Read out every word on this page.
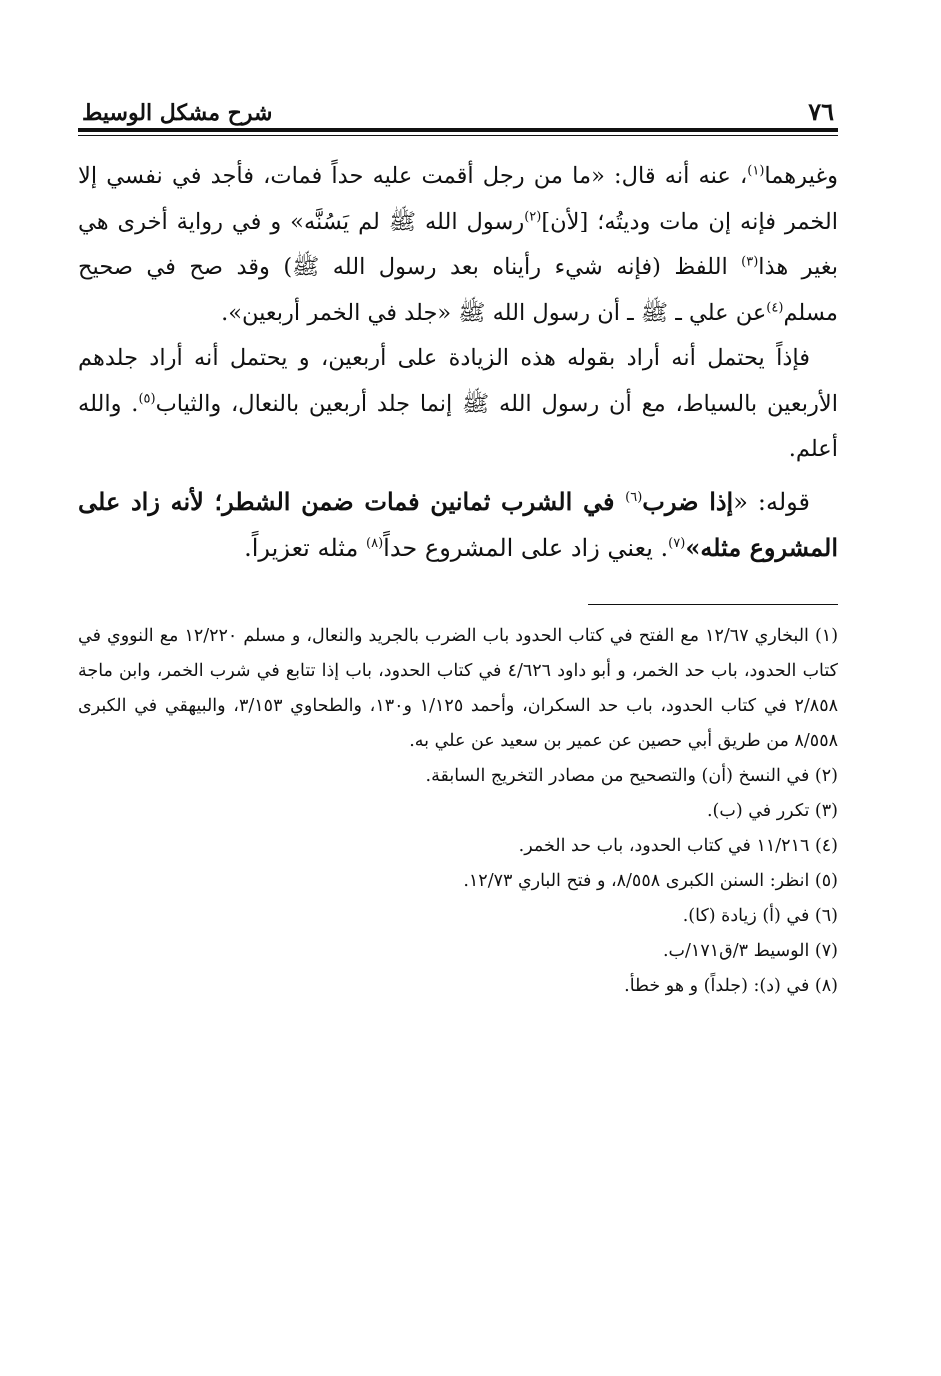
٧٦
شرح مشكل الوسيط

وغيرهما$^{(١)}$، عنه أنه قال: «ما من رجل أقمت عليه حداً فمات، فأجد في نفسي إلا الخمر فإنه إن مات وديتُه؛ [لأن]$^{(٢)}$رسول الله ﷺ لم يَسُنَّه» و في رواية أخرى هي بغير هذا$^{(٣)}$ اللفظ (فإنه شيء رأيناه بعد رسول الله ﷺ) وقد صح في صحيح مسلم$^{(٤)}$عن علي ـ ﷺ ـ أن رسول الله ﷺ «جلد في الخمر أربعين».

فإذاً يحتمل أنه أراد بقوله هذه الزيادة على أربعين، و يحتمل أنه أراد جلدهم الأربعين بالسياط، مع أن رسول الله ﷺ إنما جلد أربعين بالنعال، والثياب$^{(٥)}$. والله أعلم.

قوله: «إذا ضرب$^{(٦)}$ في الشرب ثمانين فمات ضمن الشطر؛ لأنه زاد على المشروع مثله»$^{(٧)}$. يعني زاد على المشروع حداً$^{(٨)}$ مثله تعزيراً.

(١) البخاري ١٢/٦٧ مع الفتح في كتاب الحدود باب الضرب بالجريد والنعال، و مسلم ١٢/٢٢٠ مع النووي في كتاب الحدود، باب حد الخمر، و أبو داود ٤/٦٢٦ في كتاب الحدود، باب إذا تتابع في شرب الخمر، وابن ماجة ٢/٨٥٨ في كتاب الحدود، باب حد السكران، وأحمد ١/١٢٥ و١٣٠، والطحاوي ٣/١٥٣، والبيهقي في الكبرى ٨/٥٥٨ من طريق أبي حصين عن عمير بن سعيد عن علي به.

(٢) في النسخ (أن) والتصحيح من مصادر التخريج السابقة.

(٣) تكرر في (ب).

(٤) ١١/٢١٦ في كتاب الحدود، باب حد الخمر.

(٥) انظر: السنن الكبرى ٨/٥٥٨، و فتح الباري ١٢/٧٣.

(٦) في (أ) زيادة (كا).

(٧) الوسيط ٣/ق١٧١/ب.

(٨) في (د): (جلداً) و هو خطأ.
